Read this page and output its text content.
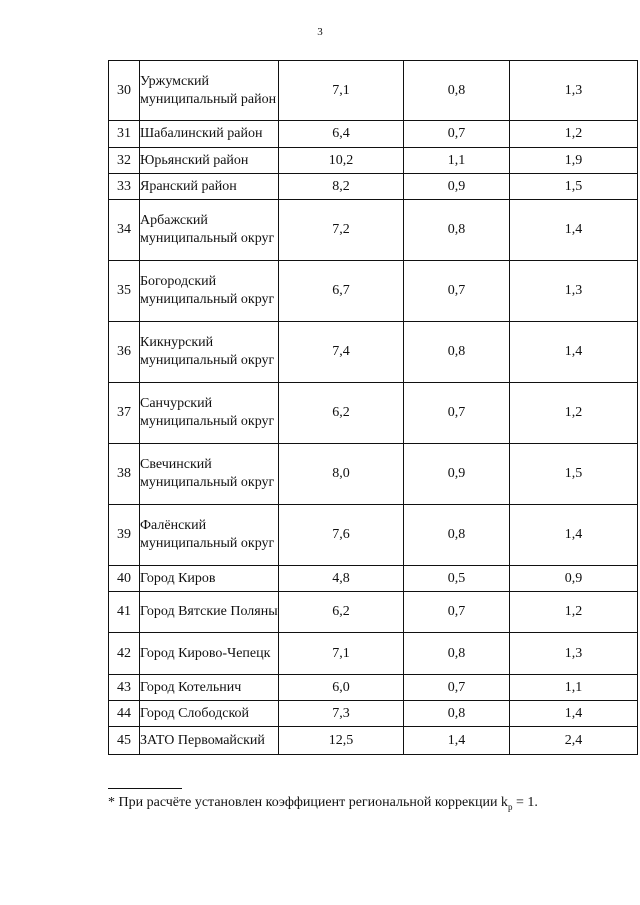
3
30	Уржумский муниципальный район	7,1	0,8	1,3
31	Шабалинский район	6,4	0,7	1,2
32	Юрьянский район	10,2	1,1	1,9
33	Яранский район	8,2	0,9	1,5
34	Арбажский муниципальный округ	7,2	0,8	1,4
35	Богородский муниципальный округ	6,7	0,7	1,3
36	Кикнурский муниципальный округ	7,4	0,8	1,4
37	Санчурский муниципальный округ	6,2	0,7	1,2
38	Свечинский муниципальный округ	8,0	0,9	1,5
39	Фалёнский муниципальный округ	7,6	0,8	1,4
40	Город Киров	4,8	0,5	0,9
41	Город Вятские Поляны	6,2	0,7	1,2
42	Город Кирово-Чепецк	7,1	0,8	1,3
43	Город Котельнич	6,0	0,7	1,1
44	Город Слободской	7,3	0,8	1,4
45	ЗАТО Первомайский	12,5	1,4	2,4
* При расчёте установлен коэффициент региональной коррекции $k_р = 1$.
